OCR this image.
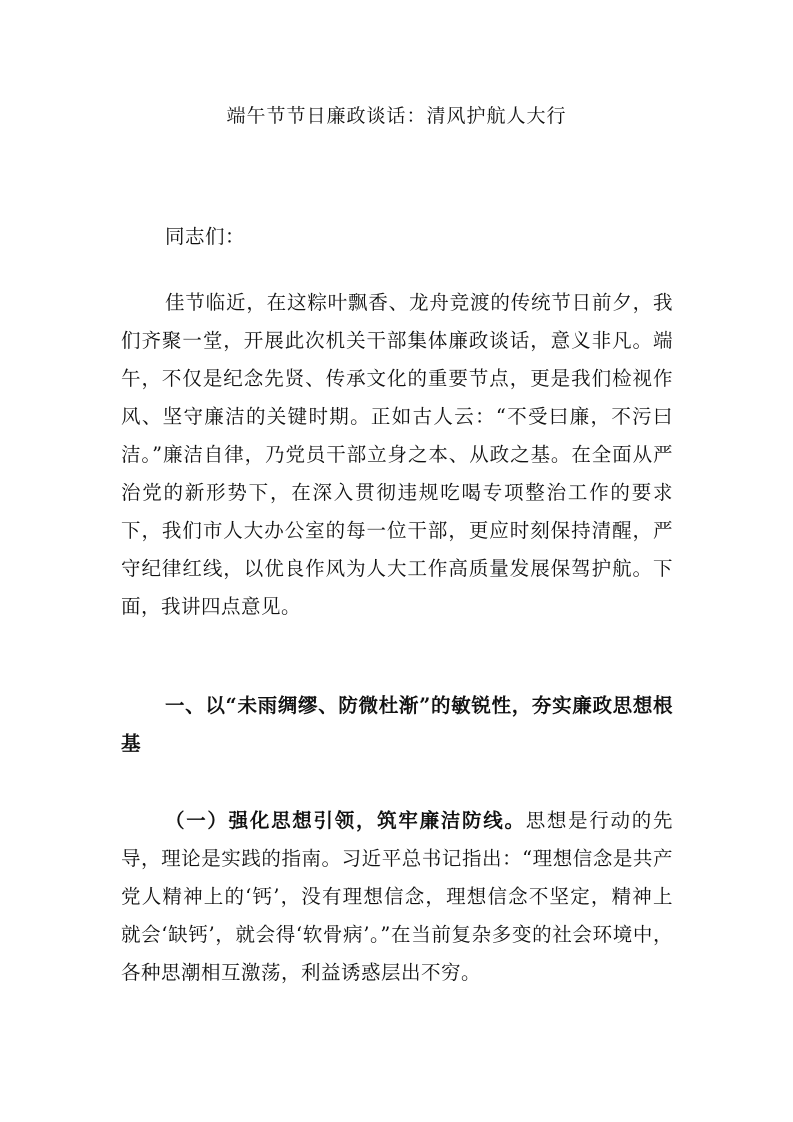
端午节节日廉政谈话：清风护航人大行
同志们：
佳节临近，在这粽叶飘香、龙舟竞渡的传统节日前夕，我们齐聚一堂，开展此次机关干部集体廉政谈话，意义非凡。端午，不仅是纪念先贤、传承文化的重要节点，更是我们检视作风、坚守廉洁的关键时期。正如古人云：“不受曰廉，不污曰洁。”廉洁自律，乃党员干部立身之本、从政之基。在全面从严治党的新形势下，在深入贯彻违规吃喝专项整治工作的要求下，我们市人大办公室的每一位干部，更应时刻保持清醒，严守纪律红线，以优良作风为人大工作高质量发展保驾护航。下面，我讲四点意见。
一、以“未雨绸缪、防微杜渐”的敏锐性，夯实廉政思想根基
（一）强化思想引领，筑牢廉洁防线。思想是行动的先导，理论是实践的指南。习近平总书记指出：“理想信念是共产党人精神上的‘钙’，没有理想信念，理想信念不坚定，精神上就会‘缺钙’，就会得‘软骨病’。”在当前复杂多变的社会环境中，各种思潮相互激荡，利益诱惑层出不穷。
